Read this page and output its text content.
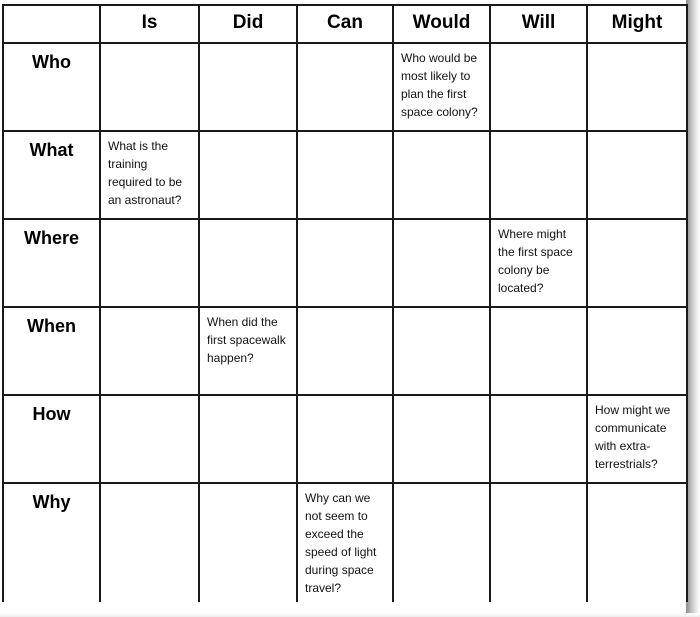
	Is	Did	Can	Would	Will	Might

Who				Who would be most likely to plan the first space colony?		

What	What is the training required to be an astronaut?					

Where					Where might the first space colony be located?	

When		When did the first spacewalk happen?				

How						How might we communicate with extra-terrestrials?

Why			Why can we not seem to exceed the speed of light during space travel?			
